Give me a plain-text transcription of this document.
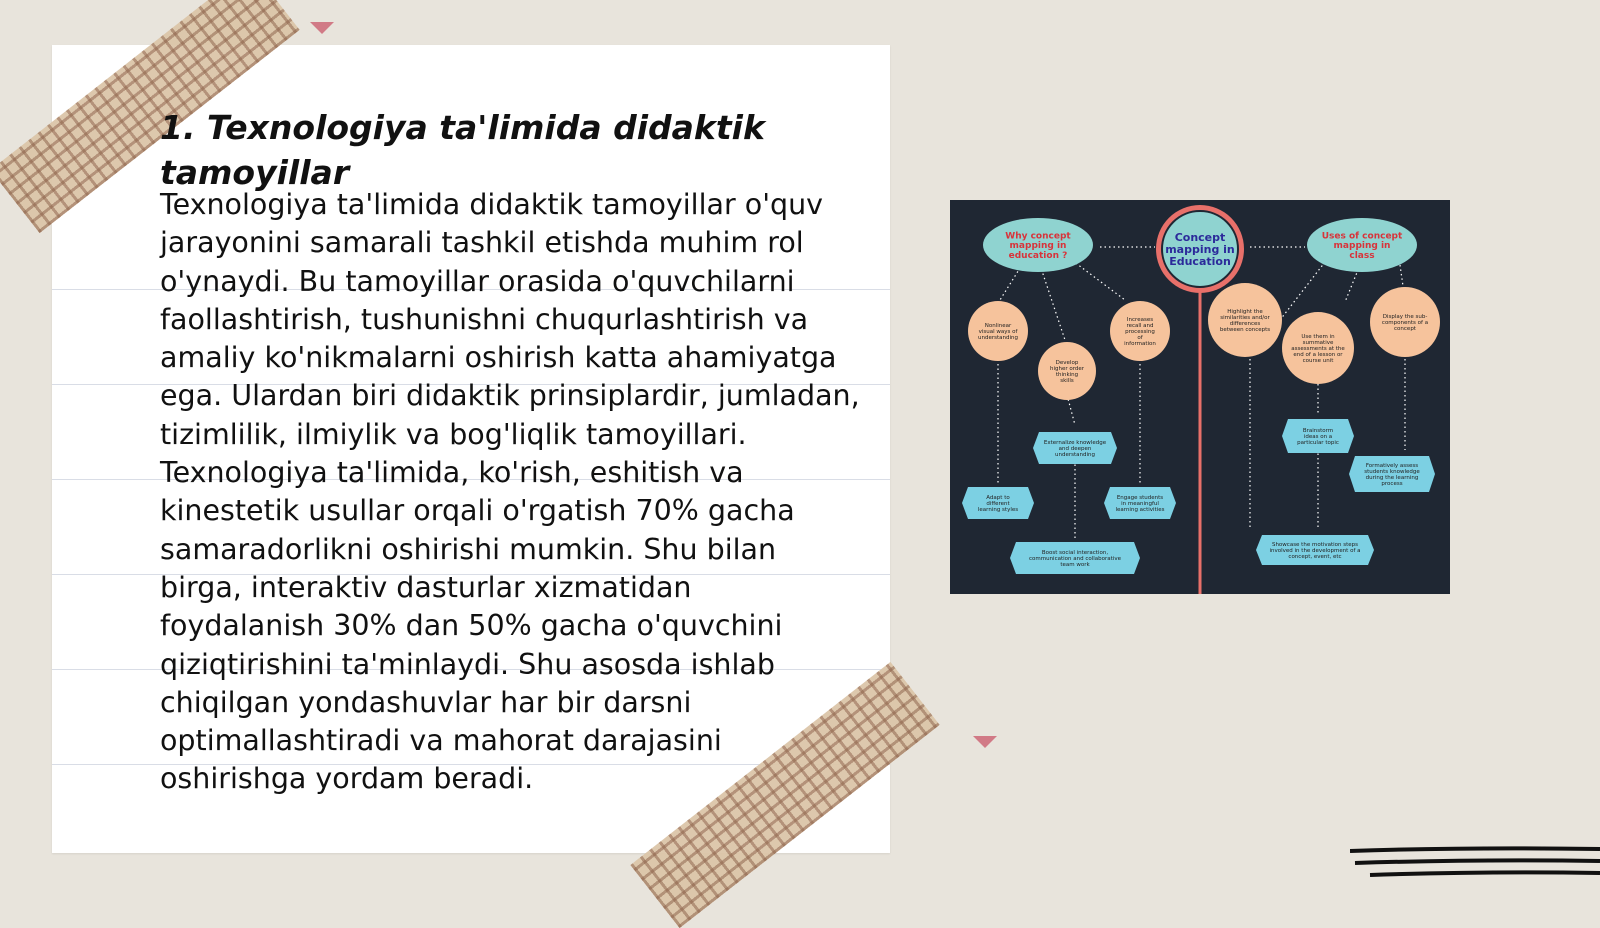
1. Texnologiya ta'limida didaktik tamoyillar

Texnologiya ta'limida didaktik tamoyillar o'quv jarayonini samarali tashkil etishda muhim rol o'ynaydi. Bu tamoyillar orasida o'quvchilarni faollashtirish, tushunishni chuqurlashtirish va amaliy ko'nikmalarni oshirish katta ahamiyatga ega. Ulardan biri didaktik prinsiplardir, jumladan, tizimlilik, ilmiylik va bog'liqlik tamoyillari. Texnologiya ta'limida, ko'rish, eshitish va kinestetik usullar orqali o'rgatish 70% gacha samaradorlikni oshirishi mumkin. Shu bilan birga, interaktiv dasturlar xizmatidan foydalanish 30% dan 50% gacha o'quvchini qiziqtirishini ta'minlaydi. Shu asosda ishlab chiqilgan yondashuvlar har bir darsni optimallashtiradi va mahorat darajasini oshirishga yordam beradi.

Why concept mapping in education ?
Uses of concept mapping in class
Concept mapping in Education
Nonlinear visual ways of understanding
Develop higher order thinking skills
Increases recall and processing of information
Highlight the similarities and/or differences between concepts
Use them in summative assessments at the end of a lesson or course unit
Display the sub-components of a concept
Externalize knowledge and deepen understanding
Adapt to different learning styles
Engage students in meaningful learning activities
Boost social interaction, communication and collaborative team work
Brainstorm ideas on a particular topic
Formatively assess students knowledge during the learning process
Showcase the motivation steps involved in the development of a concept, event, etc
